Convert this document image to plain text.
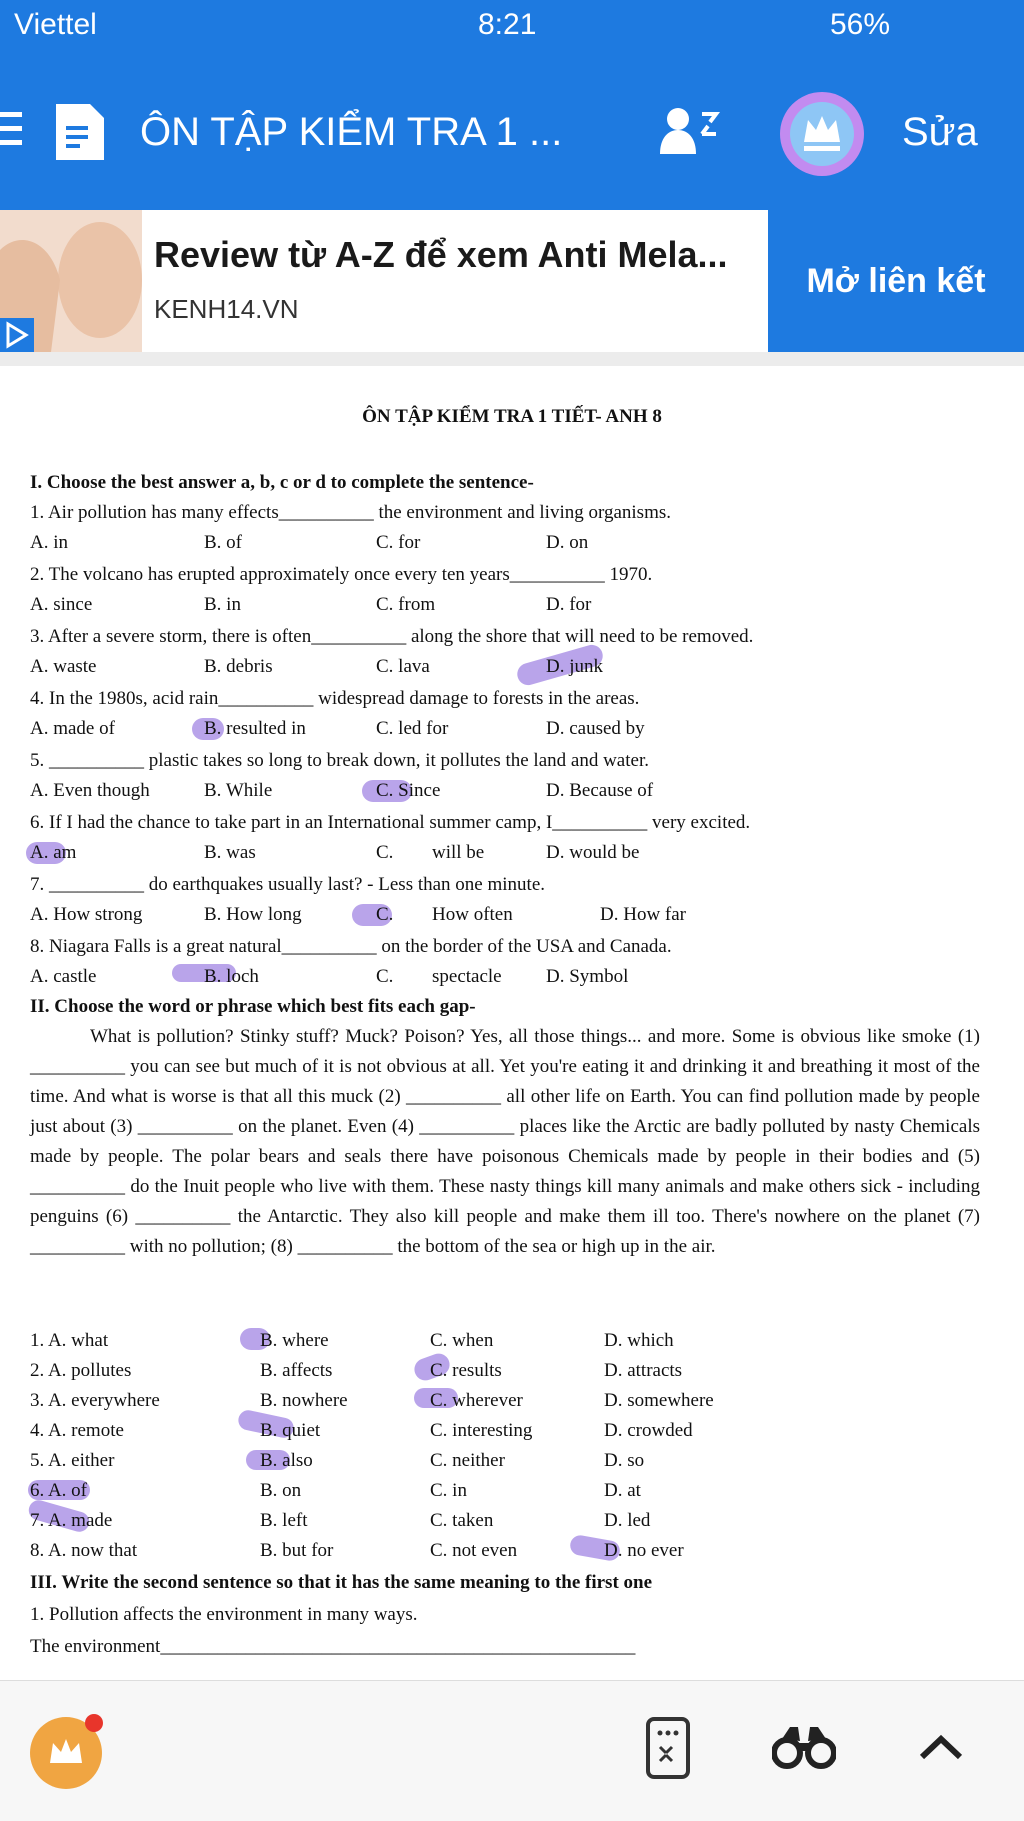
Viettel	8:21	56%
ÔN TẬP KIỂM TRA 1 ...	Sửa
Review từ A-Z để xem Anti Mela...
KENH14.VN
Mở liên kết
ÔN TẬP KIỂM TRA 1 TIẾT- ANH 8
I. Choose the best answer a, b, c or d to complete the sentence-
1. Air pollution has many effects__________ the environment and living organisms.
A. in	B. of	C. for	D. on
2. The volcano has erupted approximately once every ten years__________ 1970.
A. since	B. in	C. from	D. for
3. After a severe storm, there is often__________ along the shore that will need to be removed.
A. waste	B. debris	C. lava	D. junk
4. In the 1980s, acid rain__________ widespread damage to forests in the areas.
A. made of	B. resulted in	C. led for	D. caused by
5. __________ plastic takes so long to break down, it pollutes the land and water.
A. Even though	B. While	C. Since	D. Because of
6. If I had the chance to take part in an International summer camp, I__________ very excited.
A. am	B. was	C. will be	D. would be
7. __________ do earthquakes usually last? - Less than one minute.
A. How strong	B. How long	C. How often	D. How far
8. Niagara Falls is a great natural__________ on the border of the USA and Canada.
A. castle	B. loch	C. spectacle D. Symbol
II. Choose the word or phrase which best fits each gap-
What is pollution? Stinky stuff? Muck? Poison? Yes, all those things... and more. Some is obvious like smoke (1) __________ you can see but much of it is not obvious at all. Yet you're eating it and drinking it and breathing it most of the time. And what is worse is that all this muck (2) __________ all other life on Earth. You can find pollution made by people just about (3) __________ on the planet. Even (4) __________ places like the Arctic are badly polluted by nasty Chemicals made by people. The polar bears and seals there have poisonous Chemicals made by people in their bodies and (5) __________ do the Inuit people who live with them. These nasty things kill many animals and make others sick - including penguins (6) __________ the Antarctic. They also kill people and make them ill too. There's nowhere on the planet (7) __________ with no pollution; (8) __________ the bottom of the sea or high up in the air.
1. A. what	B. where	C. when	D. which
2. A. pollutes	B. affects	C. results	D. attracts
3. A. everywhere	B. nowhere	C. wherever	D. somewhere
4. A. remote	B. quiet	C. interesting	D. crowded
5. A. either	B. also	C. neither	D. so
6. A. of	B. on	C. in	D. at
7. A. made	B. left	C. taken	D. led
8. A. now that	B. but for	C. not even	D. no ever
III. Write the second sentence so that it has the same meaning to the first one
1. Pollution affects the environment in many ways.
The environment__________________________________________________
